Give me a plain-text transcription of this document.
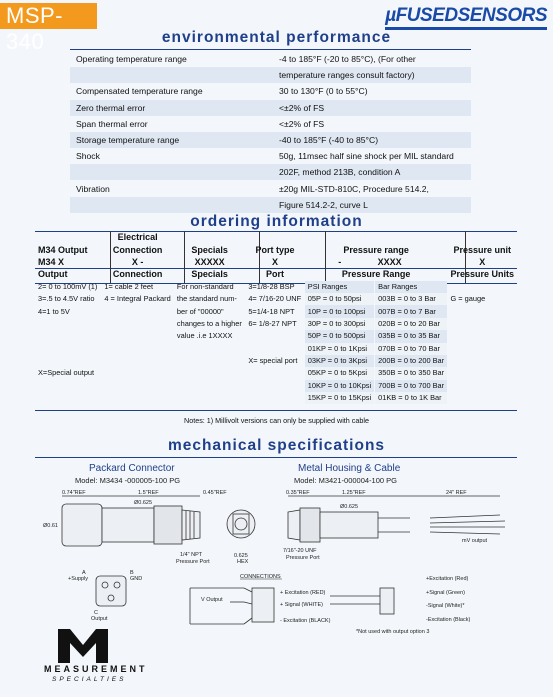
MSP-340
µFUSEDSENSORS
environmental performance
Operating temperature range	-4 to 185°F (-20 to 85°C), (For other
temperature ranges consult factory)
Compensated temperature range	30 to 130°F (0 to 55°C)
Zero thermal error	<±2% of FS
Span thermal error	<±2% of FS
Storage temperature range	-40 to 185°F (-40 to 85°C)
Shock	50g, 11msec half sine shock per MIL standard
202F, method 213B, condition A
Vibration	±20g MIL-STD-810C, Procedure 514.2,
Figure 514.2-2, curve L
ordering information
	Electrical					
M34 Output	Connection	Specials	Port type	Pressure range		Pressure unit
M34 X	X -	XXXXX	X	-	XXXX	X
Output	Connection	Specials	Port	Pressure Range		Pressure Units
2= 0 to 100mV (1)	1= cable 2 feet	For non-standard	3=1/8-28 BSP	PSI Ranges	Bar Ranges	
3=.5 to 4.5V ratio	4 = Integral Packard	the standard num-	4= 7/16-20 UNF	05P = 0 to 50psi	003B = 0 to 3 Bar	G = gauge
4=1 to 5V		ber of "00000"	5=1/4-18 NPT	10P = 0 to 100psi	007B = 0 to 7 Bar	
		changes to a higher	6= 1/8-27 NPT	30P = 0 to 300psi	020B = 0 to 20 Bar	
		value .i.e 1XXXX		50P = 0 to 500psi	035B = 0 to 35 Bar	
				01KP = 0 to 1Kpsi	070B = 0 to 70 Bar	
			X= special port	03KP = 0 to 3Kpsi	200B = 0 to 200 Bar	
X=Special output				05KP = 0 to 5Kpsi	350B = 0 to 350 Bar	
				10KP = 0 to 10Kpsi	700B = 0 to 700 Bar	
				15KP = 0 to 15Kpsi	01KB = 0 to 1K Bar	
Notes: 1) Millivolt versions can only be supplied with cable
mechanical specifications
Packard Connector
Model: M3434 -000005-100 PG
Metal Housing & Cable
Model: M3421-000004-100 PG
0.74"REF	1.5"REF	0.45"REF
Ø0.61
Ø0.625
1/4" NPT
Pressure Port
0.625
HEX
0.35"REF	1.25"REF	24" REF
Ø0.625
7/16"-20 UNF
Pressure Port
mV output
A
+Supply
B
GND
C
Output
CONNECTIONS
V Output
+ Excitation (RED)
+ Signal (WHITE)
- Excitation (BLACK)
+Excitation (Red)
+Signal (Green)
-Signal (White)*
-Excitation (Black)
*Not used with output option 3
MEASUREMENT
SPECIALTIES
